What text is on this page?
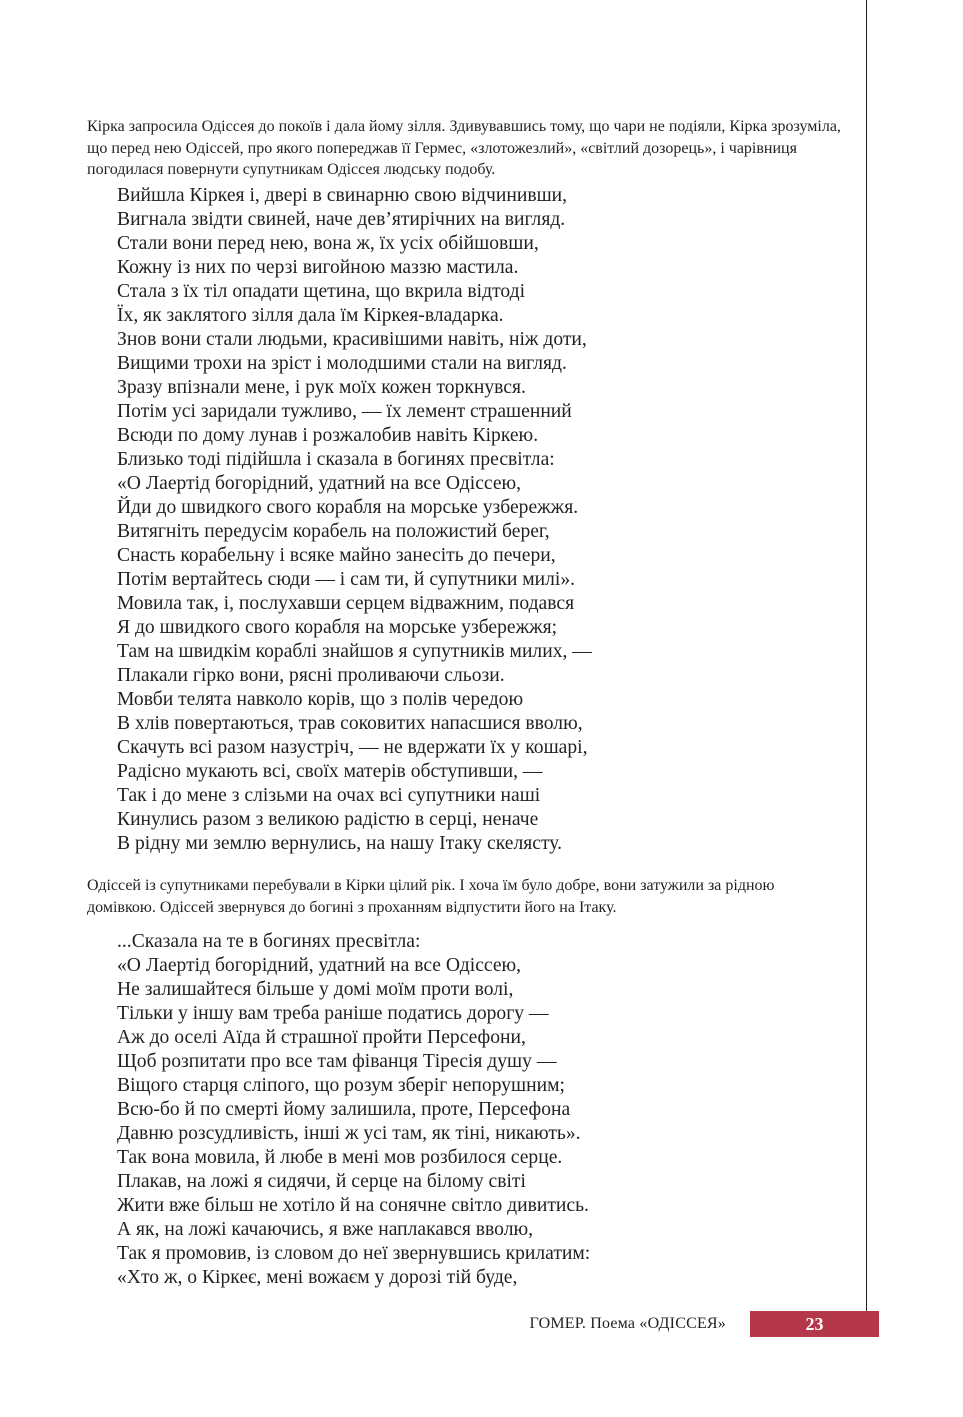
Кірка запросила Одіссея до покоїв і дала йому зілля. Здивувавшись тому, що чари не подіяли, Кірка зрозуміла, що перед нею Одіссей, про якого попереджав її Гермес, «злотожезлий», «світлий дозорець», і чарівниця погодилася повернути супутникам Одіссея людську подобу.

Вийшла Кіркея і, двері в свинарню свою відчинивши,
Вигнала звідти свиней, наче дев’ятирічних на вигляд.
Стали вони перед нею, вона ж, їх усіх обійшовши,
Кожну із них по черзі вигойною маззю мастила.
Стала з їх тіл опадати щетина, що вкрила відтоді
Їх, як заклятого зілля дала їм Кіркея-владарка.
Знов вони стали людьми, красивішими навіть, ніж доти,
Вищими трохи на зріст і молодшими стали на вигляд.
Зразу впізнали мене, і рук моїх кожен торкнувся.
Потім усі заридали тужливо, — їх лемент страшенний
Всюди по дому лунав і розжалобив навіть Кіркею.
Близько тоді підійшла і сказала в богинях пресвітла:
«О Лаертід богорідний, удатний на все Одіссею,
Йди до швидкого свого корабля на морське узбережжя.
Витягніть передусім корабель на положистий берег,
Снасть корабельну і всяке майно занесіть до печери,
Потім вертайтесь сюди — і сам ти, й супутники милі».
Мовила так, і, послухавши серцем відважним, подався
Я до швидкого свого корабля на морське узбережжя;
Там на швидкім кораблі знайшов я супутників милих, —
Плакали гірко вони, рясні проливаючи сльози.
Мовби телята навколо корів, що з полів чередою
В хлів повертаються, трав соковитих напасшися вволю,
Скачуть всі разом назустріч, — не вдержати їх у кошарі,
Радісно мукають всі, своїх матерів обступивши, —
Так і до мене з слізьми на очах всі супутники наші
Кинулись разом з великою радістю в серці, неначе
В рідну ми землю вернулись, на нашу Ітаку скелясту.

Одіссей із супутниками перебували в Кірки цілий рік. І хоча їм було добре, вони затужили за рідною домівкою. Одіссей звернувся до богині з проханням відпустити його на Ітаку.

...Сказала на те в богинях пресвітла:
«О Лаертід богорідний, удатний на все Одіссею,
Не залишайтеся більше у домі моїм проти волі,
Тільки у іншу вам треба раніше податись дорогу —
Аж до оселі Аїда й страшної пройти Персефони,
Щоб розпитати про все там фіванця Тіресія душу —
Віщого старця сліпого, що розум зберіг непорушним;
Всю-бо й по смерті йому залишила, проте, Персефона
Давню розсудливість, інші ж усі там, як тіні, никають».
Так вона мовила, й любе в мені мов розбилося серце.
Плакав, на ложі я сидячи, й серце на білому світі
Жити вже більш не хотіло й на сонячне світло дивитись.
А як, на ложі качаючись, я вже наплакався вволю,
Так я промовив, із словом до неї звернувшись крилатим:
«Хто ж, о Кіркеє, мені вожаєм у дорозі тій буде,
ГОМЕР. Поема «ОДІССЕЯ»	23
